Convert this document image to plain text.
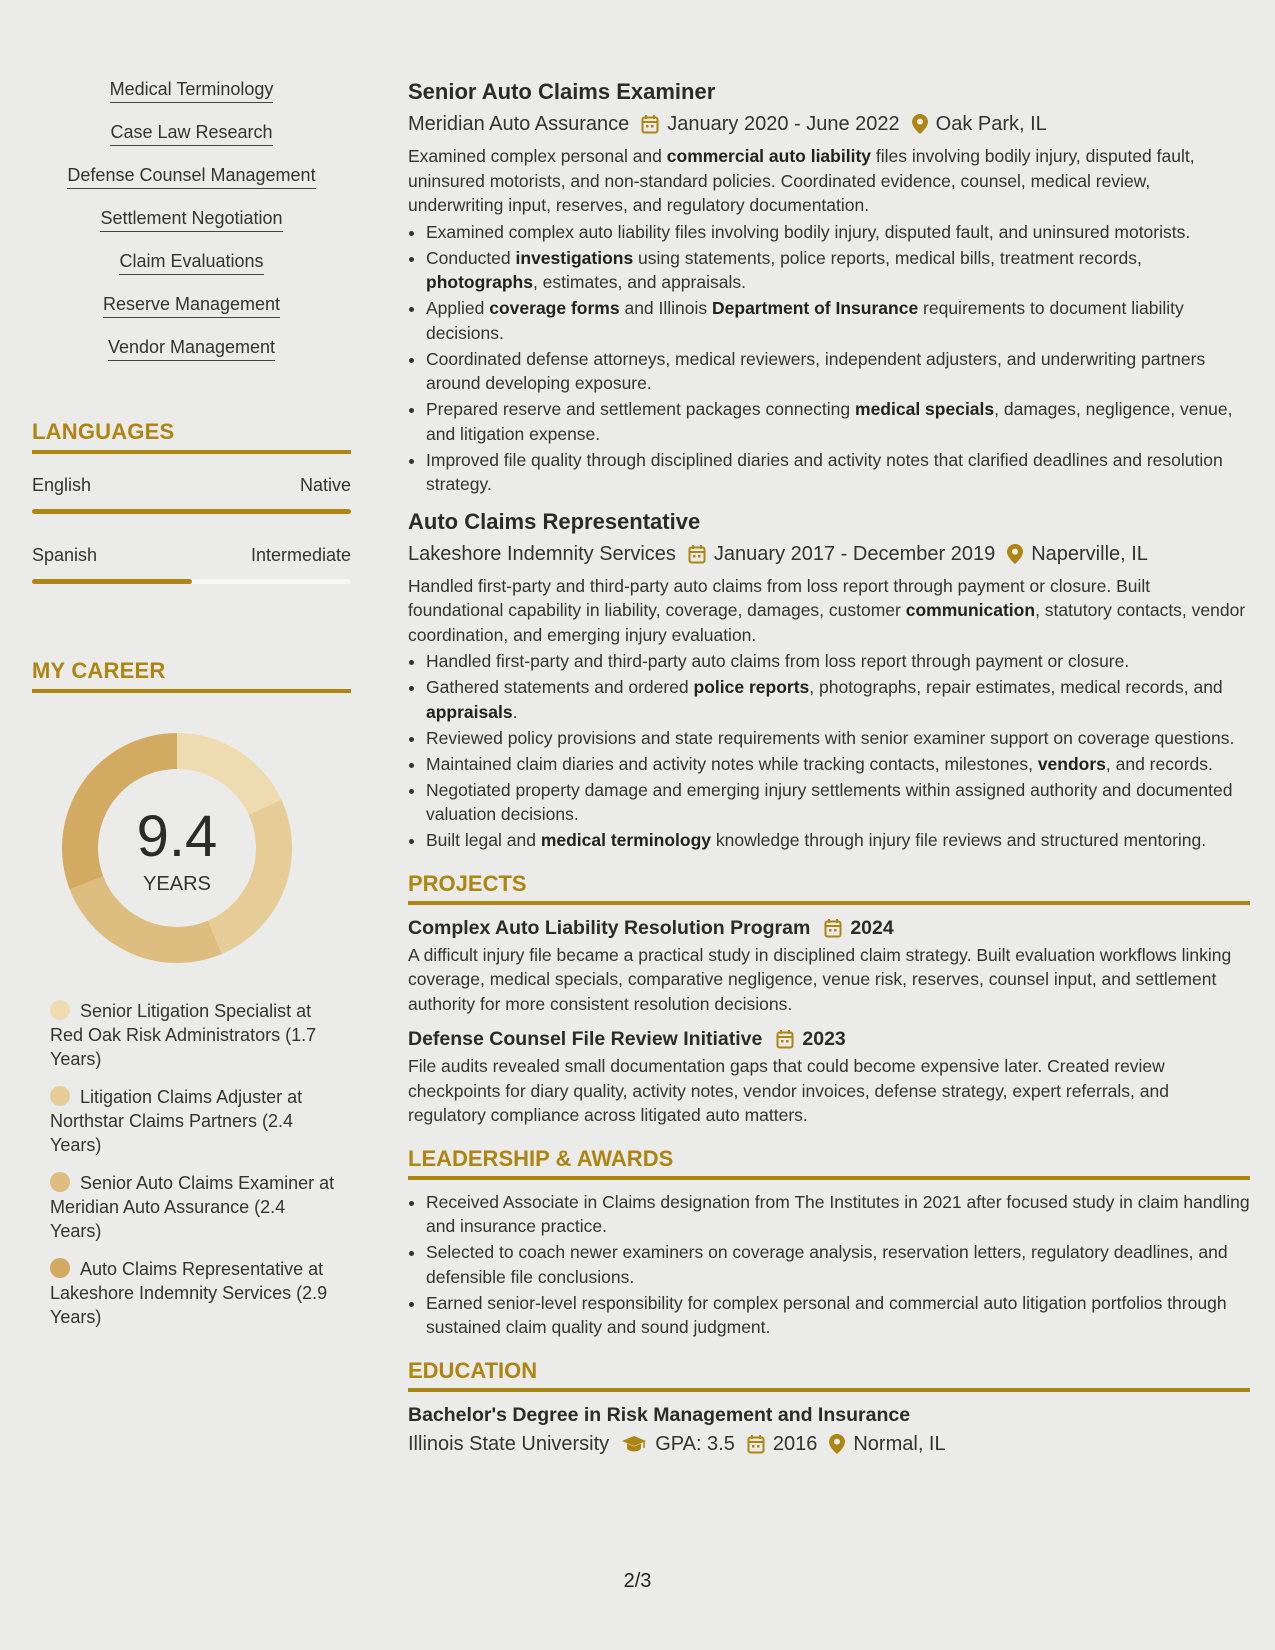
Medical Terminology
Case Law Research
Defense Counsel Management
Settlement Negotiation
Claim Evaluations
Reserve Management
Vendor Management
LANGUAGES
English	Native
Spanish	Intermediate
MY CAREER
9.4
YEARS
Senior Litigation Specialist at Red Oak Risk Administrators (1.7 Years)
Litigation Claims Adjuster at Northstar Claims Partners (2.4 Years)
Senior Auto Claims Examiner at Meridian Auto Assurance (2.4 Years)
Auto Claims Representative at Lakeshore Indemnity Services (2.9 Years)
Senior Auto Claims Examiner
Meridian Auto Assurance January 2020 - June 2022 Oak Park, IL

Examined complex personal and commercial auto liability files involving bodily injury, disputed fault, uninsured motorists, and non-standard policies. Coordinated evidence, counsel, medical review, underwriting input, reserves, and regulatory documentation.

• Examined complex auto liability files involving bodily injury, disputed fault, and uninsured motorists.
• Conducted investigations using statements, police reports, medical bills, treatment records, photographs, estimates, and appraisals.
• Applied coverage forms and Illinois Department of Insurance requirements to document liability decisions.
• Coordinated defense attorneys, medical reviewers, independent adjusters, and underwriting partners around developing exposure.
• Prepared reserve and settlement packages connecting medical specials, damages, negligence, venue, and litigation expense.
• Improved file quality through disciplined diaries and activity notes that clarified deadlines and resolution strategy.
Auto Claims Representative
Lakeshore Indemnity Services January 2017 - December 2019 Naperville, IL

Handled first-party and third-party auto claims from loss report through payment or closure. Built foundational capability in liability, coverage, damages, customer communication, statutory contacts, vendor coordination, and emerging injury evaluation.

• Handled first-party and third-party auto claims from loss report through payment or closure.
• Gathered statements and ordered police reports, photographs, repair estimates, medical records, and appraisals.
• Reviewed policy provisions and state requirements with senior examiner support on coverage questions.
• Maintained claim diaries and activity notes while tracking contacts, milestones, vendors, and records.
• Negotiated property damage and emerging injury settlements within assigned authority and documented valuation decisions.
• Built legal and medical terminology knowledge through injury file reviews and structured mentoring.
PROJECTS
Complex Auto Liability Resolution Program 2024

A difficult injury file became a practical study in disciplined claim strategy. Built evaluation workflows linking coverage, medical specials, comparative negligence, venue risk, reserves, counsel input, and settlement authority for more consistent resolution decisions.

Defense Counsel File Review Initiative 2023

File audits revealed small documentation gaps that could become expensive later. Created review checkpoints for diary quality, activity notes, vendor invoices, defense strategy, expert referrals, and regulatory compliance across litigated auto matters.

LEADERSHIP & AWARDS
• Received Associate in Claims designation from The Institutes in 2021 after focused study in claim handling and insurance practice.
• Selected to coach newer examiners on coverage analysis, reservation letters, regulatory deadlines, and defensible file conclusions.
• Earned senior-level responsibility for complex personal and commercial auto litigation portfolios through sustained claim quality and sound judgment.
EDUCATION
Bachelor's Degree in Risk Management and Insurance
Illinois State University GPA: 3.5 2016 Normal, IL
2/3
